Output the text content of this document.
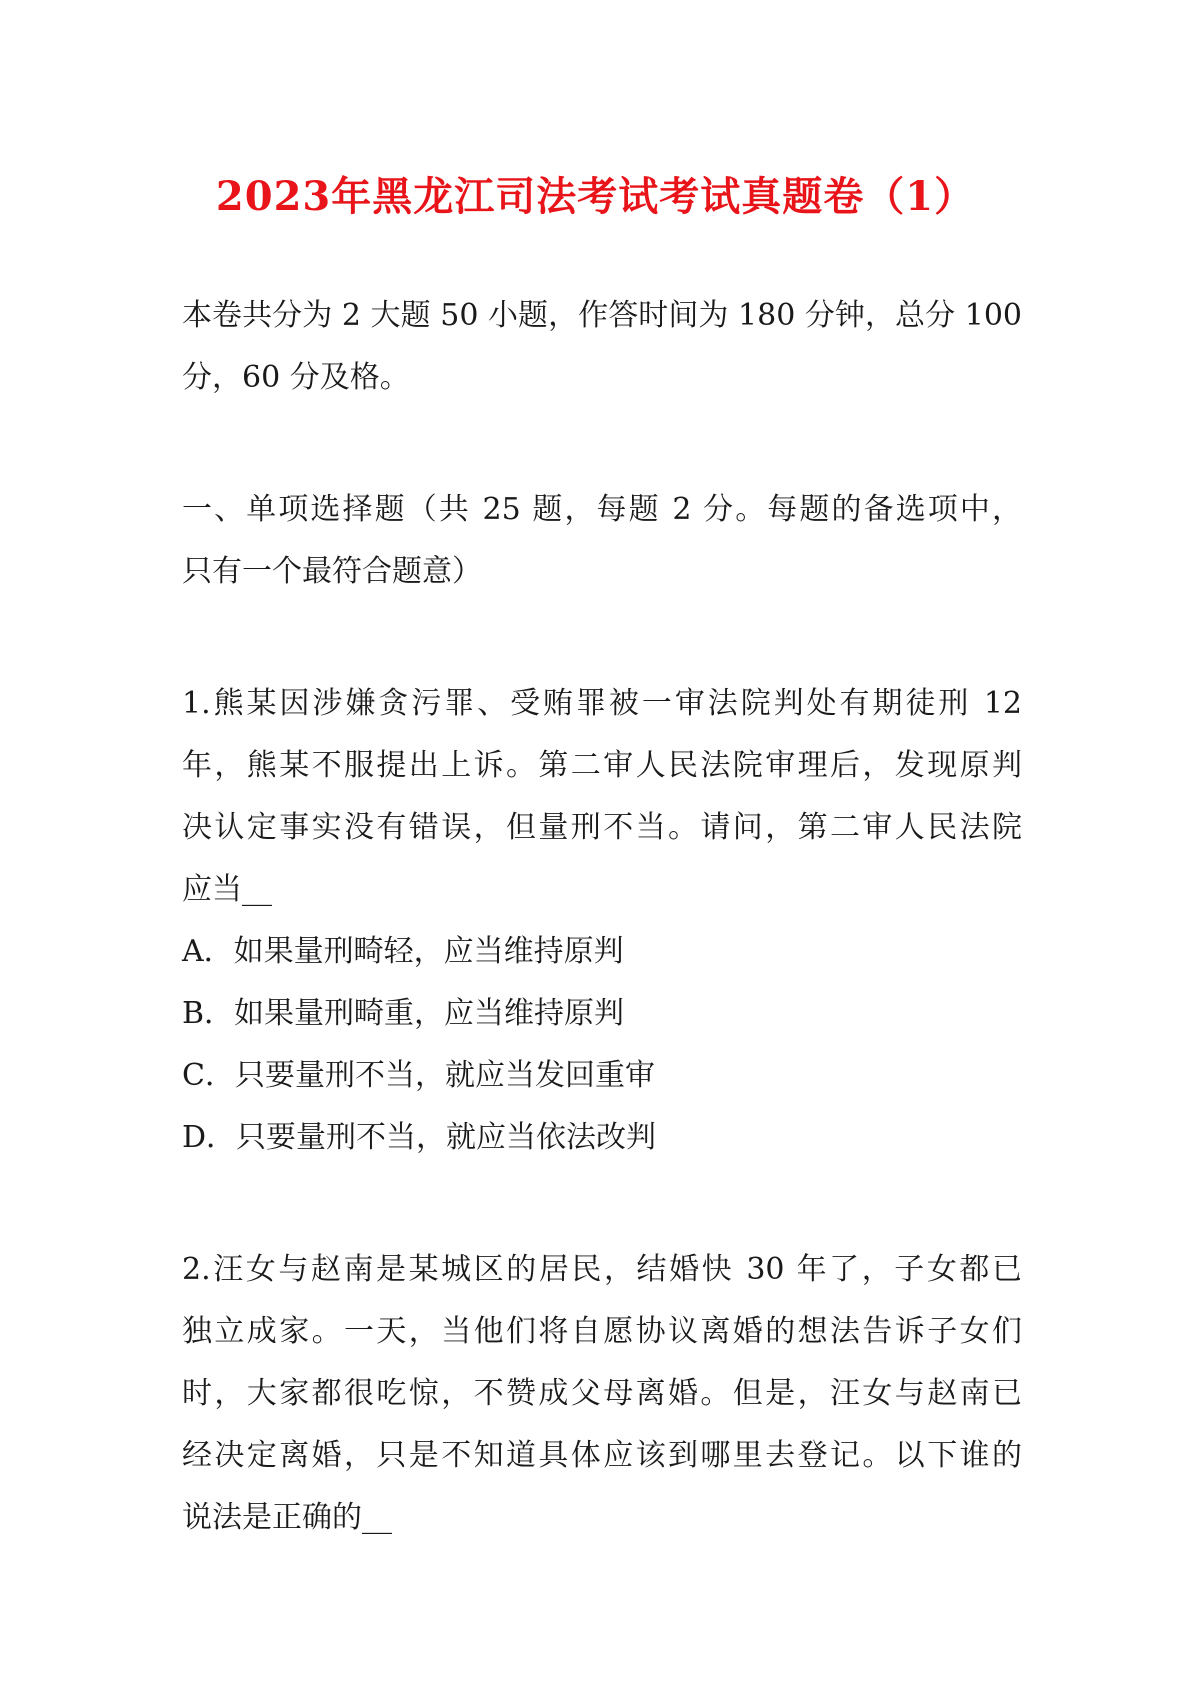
2023年黑龙江司法考试考试真题卷（1）
本卷共分为 2 大题 50 小题，作答时间为 180 分钟，总分 100
分，60 分及格。
一、单项选择题（共 25 题，每题 2 分。每题的备选项中，
只有一个最符合题意）
1.熊某因涉嫌贪污罪、受贿罪被一审法院判处有期徒刑 12
年，熊某不服提出上诉。第二审人民法院审理后，发现原判
决认定事实没有错误，但量刑不当。请问，第二审人民法院
应当__
A．如果量刑畸轻，应当维持原判
B．如果量刑畸重，应当维持原判
C．只要量刑不当，就应当发回重审
D．只要量刑不当，就应当依法改判
2.汪女与赵南是某城区的居民，结婚快 30 年了，子女都已
独立成家。一天，当他们将自愿协议离婚的想法告诉子女们
时，大家都很吃惊，不赞成父母离婚。但是，汪女与赵南已
经决定离婚，只是不知道具体应该到哪里去登记。以下谁的
说法是正确的__
